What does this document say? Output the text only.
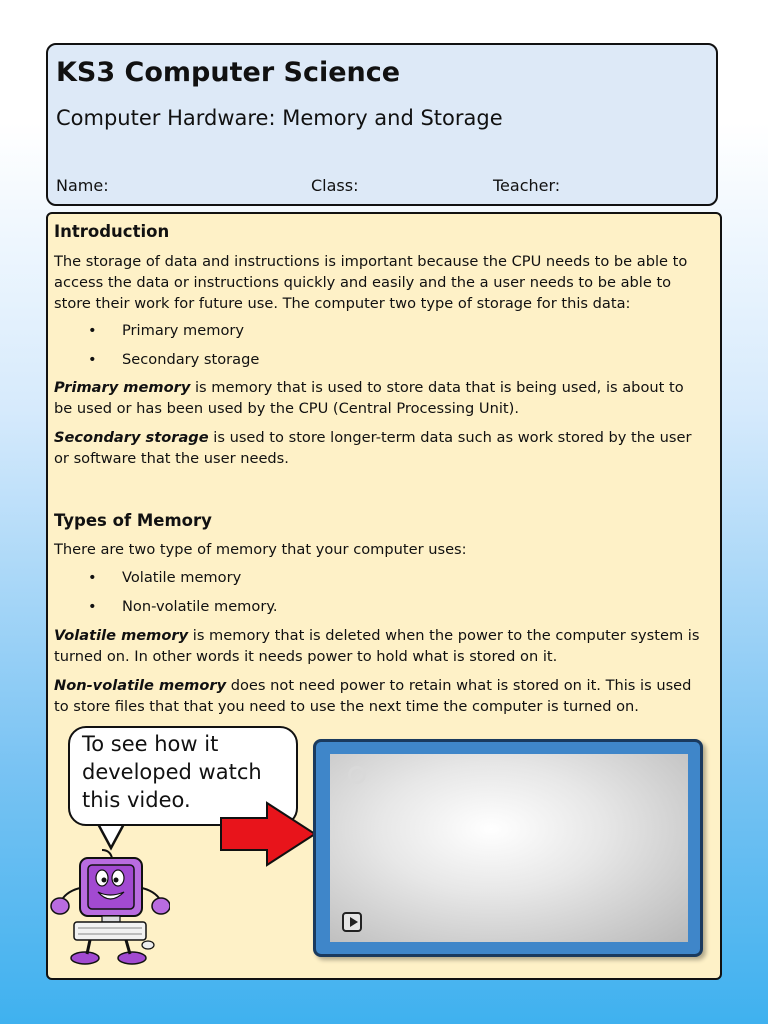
KS3 Computer Science

Computer Hardware: Memory and Storage

Name:	Class:	Teacher:
Introduction

The storage of data and instructions is important because the CPU needs to be able to access the data or instructions quickly and easily and the a user needs to be able to store their work for future use. The computer two type of storage for this data:

• Primary memory
• Secondary storage

Primary memory is memory that is used to store data that is being used, is about to be used or has been used by the CPU (Central Processing Unit).

Secondary storage is used to store longer-term data such as work stored by the user or software that the user needs.

Types of Memory

There are two type of memory that your computer uses:

• Volatile memory
• Non-volatile memory.

Volatile memory is memory that is deleted when the power to the computer system is turned on. In other words it needs power to hold what is stored on it.

Non-volatile memory does not need power to retain what is stored on it. This is used to store files that that you need to use the next time the computer is turned on.

To see how it
developed watch
this video.
